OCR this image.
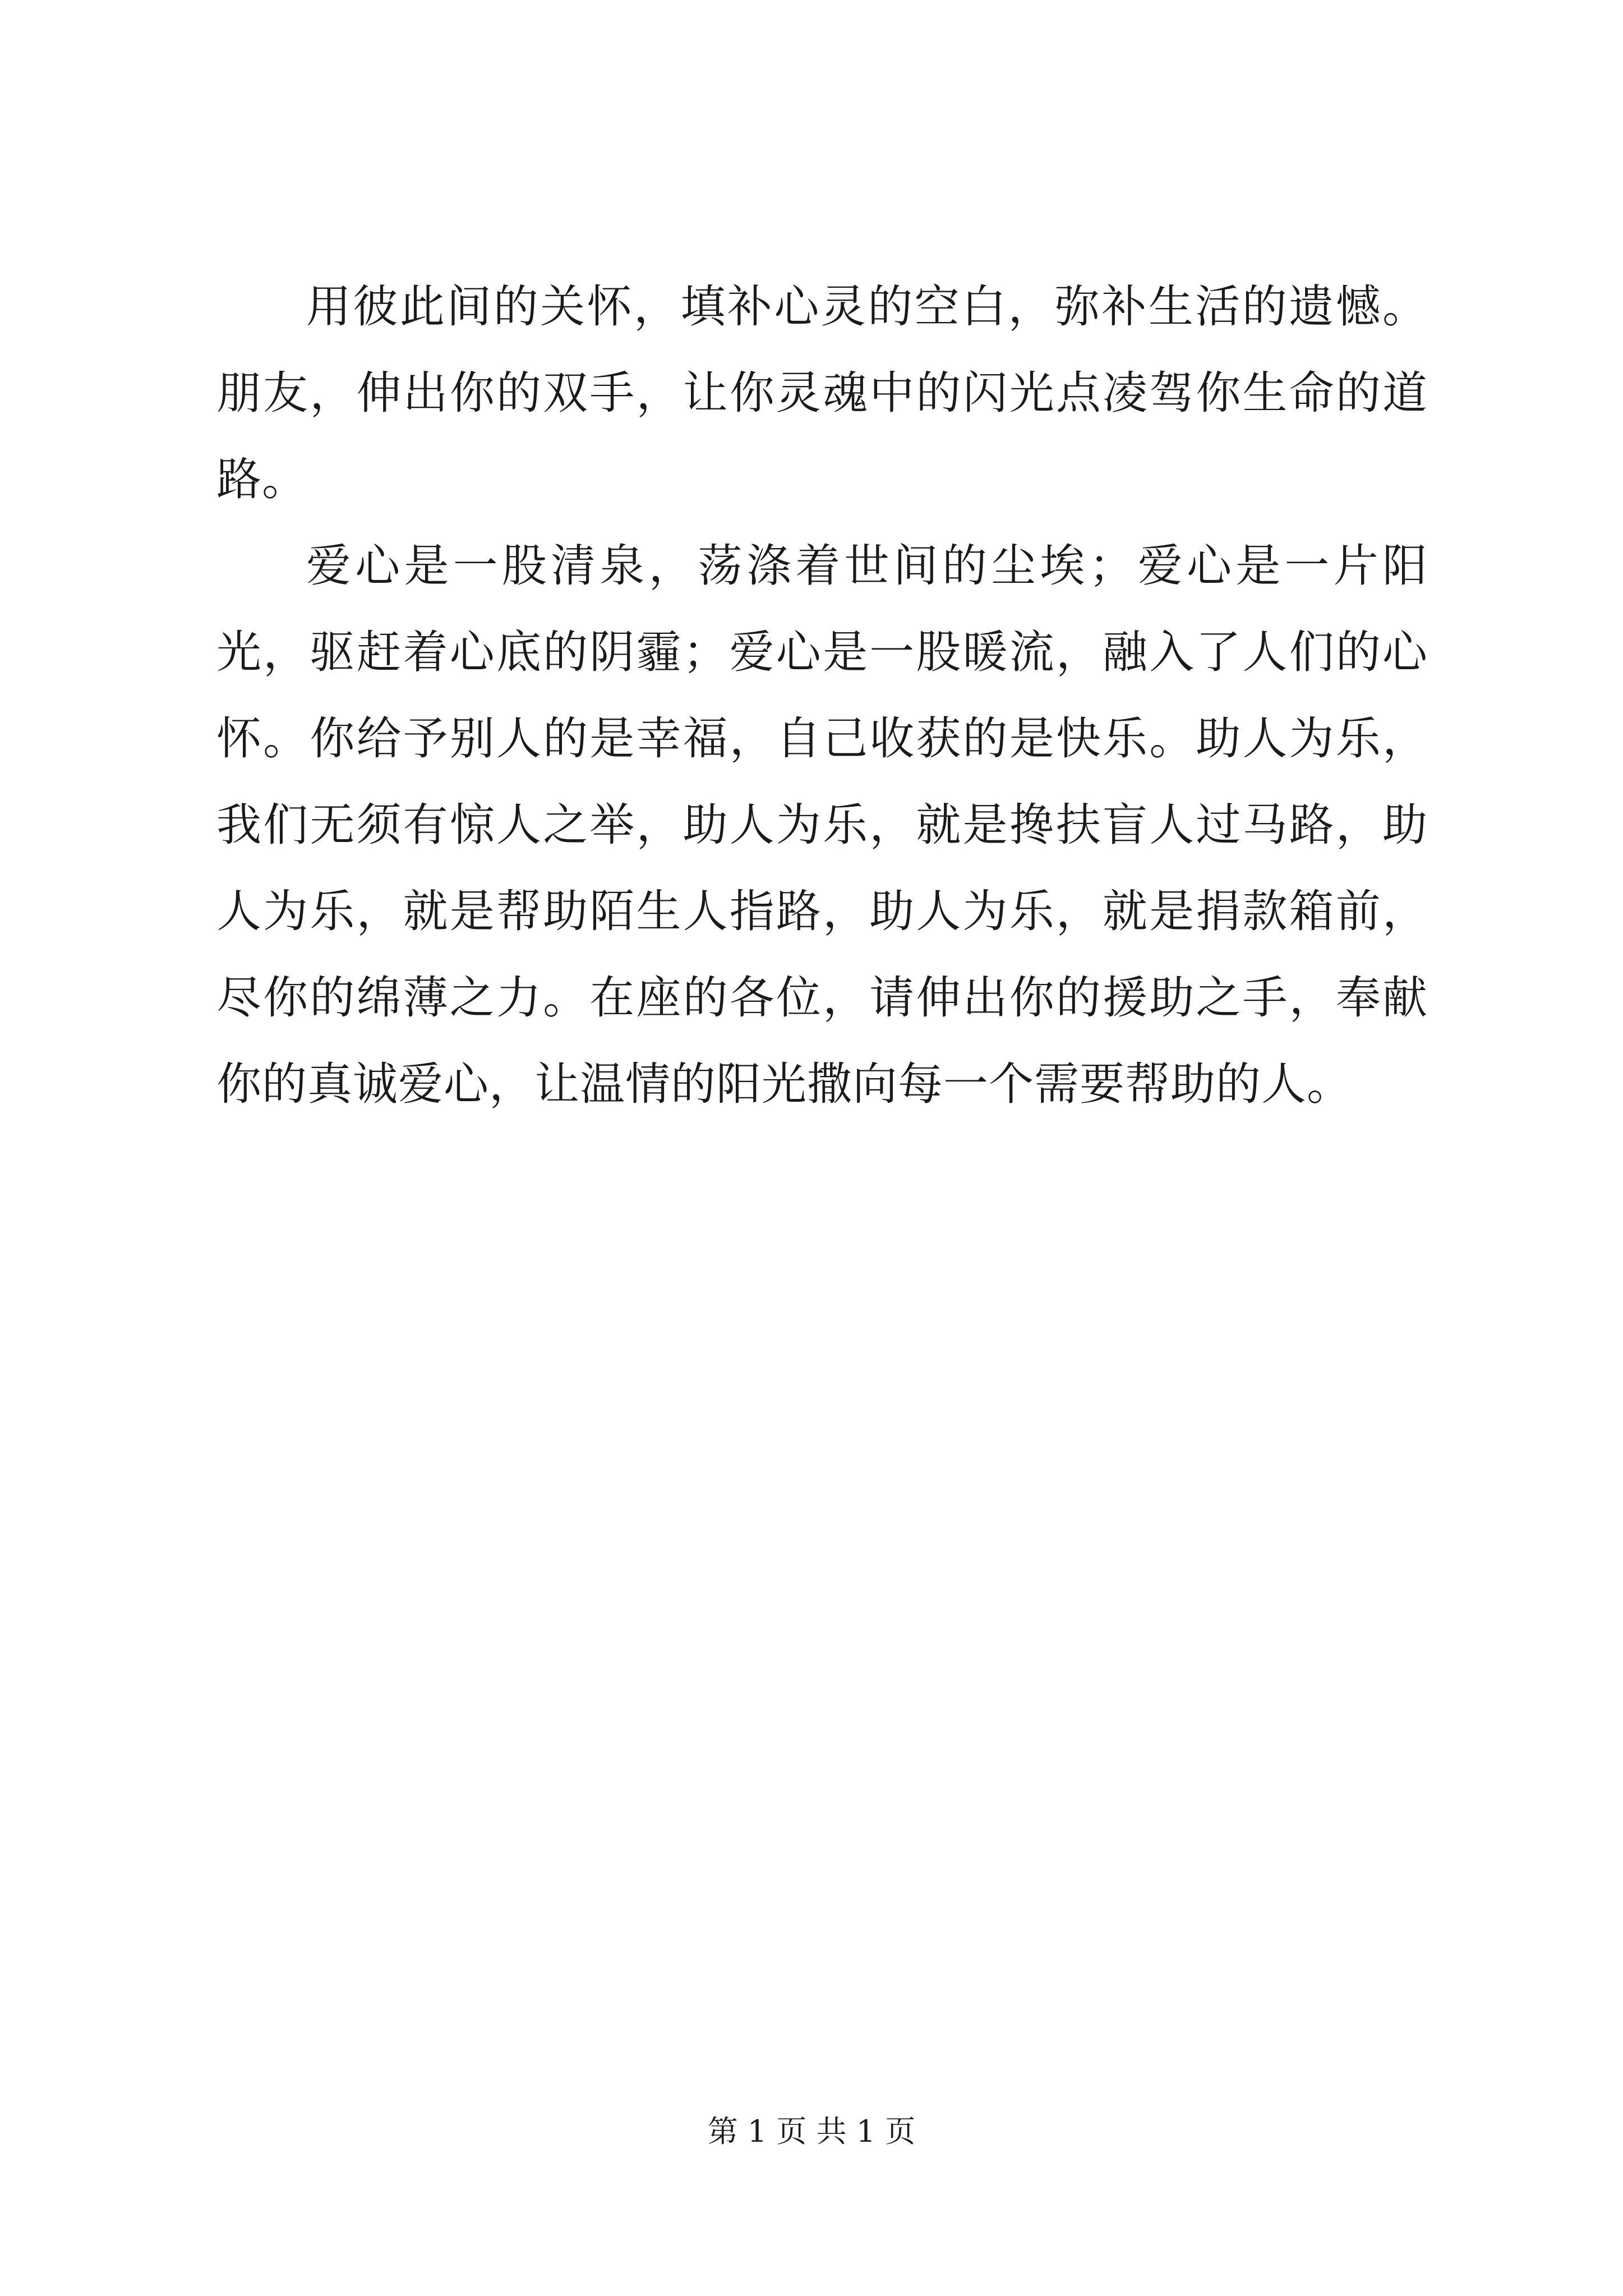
用彼此间的关怀，填补心灵的空白，弥补生活的遗憾。朋友，伸出你的双手，让你灵魂中的闪光点凌驾你生命的道路。

爱心是一股清泉，荡涤着世间的尘埃；爱心是一片阳光，驱赶着心底的阴霾；爱心是一股暖流，融入了人们的心怀。你给予别人的是幸福，自己收获的是快乐。助人为乐，我们无须有惊人之举，助人为乐，就是搀扶盲人过马路，助人为乐，就是帮助陌生人指路，助人为乐，就是捐款箱前，尽你的绵薄之力。在座的各位，请伸出你的援助之手，奉献你的真诚爱心，让温情的阳光撒向每一个需要帮助的人。

第 1 页 共 1 页
